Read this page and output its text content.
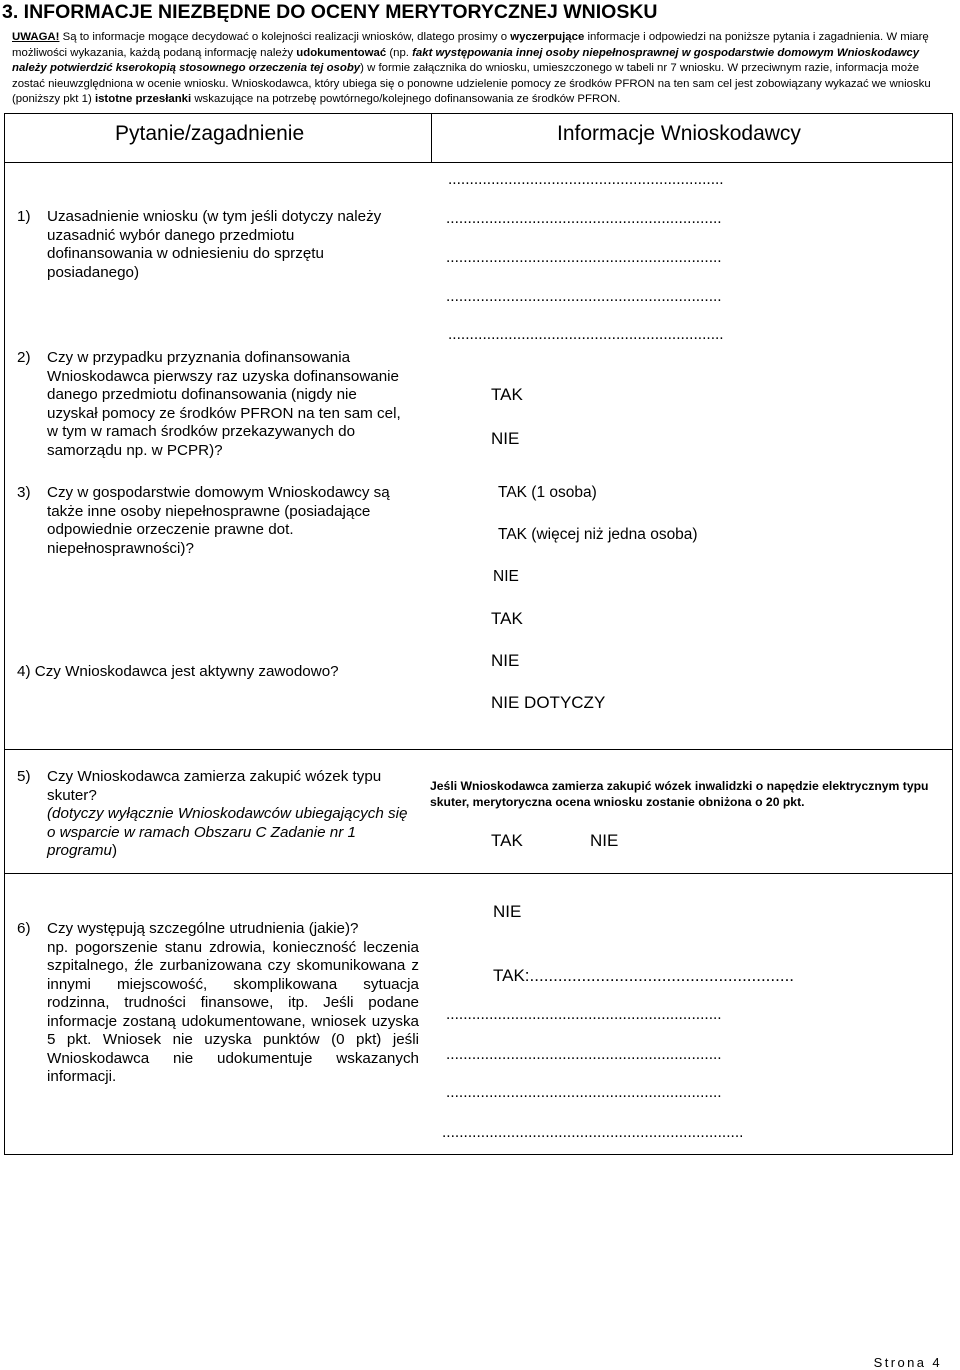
3. INFORMACJE NIEZBĘDNE DO OCENY MERYTORYCZNEJ WNIOSKU

UWAGA! Są to informacje mogące decydować o kolejności realizacji wniosków, dlatego prosimy o wyczerpujące informacje i odpowiedzi na poniższe pytania i zagadnienia. W miarę możliwości wykazania, każdą podaną informację należy udokumentować (np. fakt występowania innej osoby niepełnosprawnej w gospodarstwie domowym Wnioskodawcy należy potwierdzić kserokopią stosownego orzeczenia tej osoby) w formie załącznika do wniosku, umieszczonego w tabeli nr 7 wniosku. W przeciwnym razie, informacja może zostać nieuwzględniona w ocenie wniosku. Wnioskodawca, który ubiega się o ponowne udzielenie pomocy ze środków PFRON na ten sam cel jest zobowiązany wykazać we wniosku (poniższy pkt 1) istotne przesłanki wskazujące na potrzebę powtórnego/kolejnego dofinansowania ze środków PFRON.

Pytanie/zagadnienie	Informacje Wnioskodawcy

1) Uzasadnienie wniosku (w tym jeśli dotyczy należy
uzasadnić wybór danego przedmiotu
dofinansowania w odniesieniu do sprzętu
posiadanego)

................................................................
................................................................
................................................................
................................................................
................................................................

2) Czy w przypadku przyznania dofinansowania
Wnioskodawca pierwszy raz uzyska dofinansowanie
danego przedmiotu dofinansowania (nigdy nie
uzyskał pomocy ze środków PFRON na ten sam cel,
w tym w ramach środków przekazywanych do
samorządu np. w PCPR)?

TAK
NIE

3) Czy w gospodarstwie domowym Wnioskodawcy są
także inne osoby niepełnosprawne (posiadające
odpowiednie orzeczenie prawne dot.
niepełnosprawności)?

TAK (1 osoba)
TAK (więcej niż jedna osoba)
NIE

4) Czy Wnioskodawca jest aktywny zawodowo?

TAK
NIE
NIE DOTYCZY

5) Czy Wnioskodawca zamierza zakupić wózek typu
skuter?
(dotyczy wyłącznie Wnioskodawców ubiegających się
o wsparcie w ramach Obszaru C Zadanie nr 1
programu)

Jeśli Wnioskodawca zamierza zakupić wózek inwalidzki o napędzie elektrycznym typu skuter, merytoryczna ocena wniosku zostanie obniżona o 20 pkt.

TAK	NIE
6) Czy występują szczególne utrudnienia (jakie)?
np. pogorszenie stanu zdrowia, konieczność leczenia szpitalnego, źle zurbanizowana czy skomunikowana z innymi miejscowość, skomplikowana sytuacja rodzinna, trudności finansowe, itp. Jeśli podane informacje zostaną udokumentowane, wniosek uzyska 5 pkt. Wniosek nie uzyska punktów (0 pkt) jeśli Wnioskodawca nie udokumentuje wskazanych informacji.
NIE
TAK:........................................................
................................................................
................................................................
................................................................
......................................................................
Strona 4
